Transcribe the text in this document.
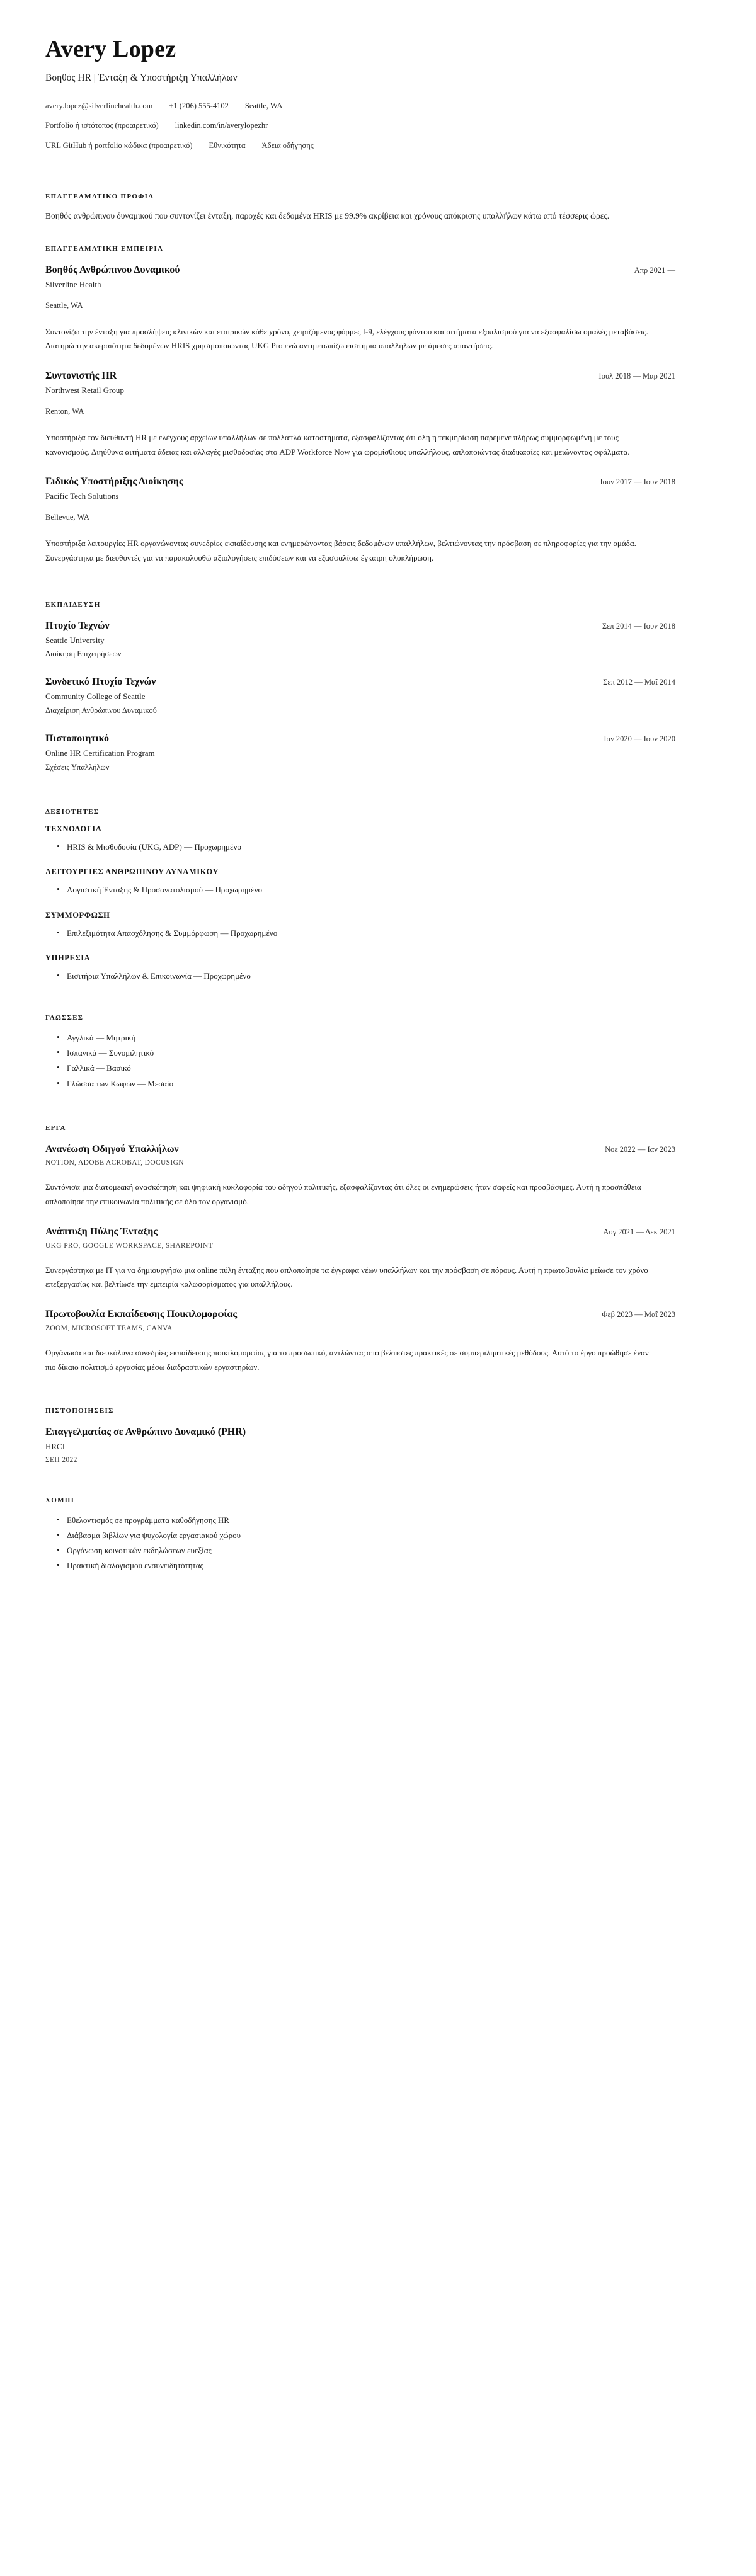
Avery Lopez
Βοηθός HR | Ένταξη & Υποστήριξη Υπαλλήλων
avery.lopez@silverlinehealth.com +1 (206) 555-4102 Seattle, WA
Portfolio ή ιστότοπος (προαιρετικό) linkedin.com/in/averylopezhr
URL GitHub ή portfolio κώδικα (προαιρετικό) Εθνικότητα Άδεια οδήγησης
ΕΠΑΓΓΕΛΜΑΤΙΚΟ ΠΡΟΦΙΛ

Βοηθός ανθρώπινου δυναμικού που συντονίζει ένταξη, παροχές και δεδομένα HRIS με 99.9% ακρίβεια και χρόνους απόκρισης υπαλλήλων κάτω από τέσσερις ώρες.

ΕΠΑΓΓΕΛΜΑΤΙΚΗ ΕΜΠΕΙΡΙΑ
Βοηθός Ανθρώπινου Δυναμικού	Απρ 2021 —
Silverline Health
Seattle, WA
Συντονίζω την ένταξη για προσλήψεις κλινικών και εταιρικών κάθε χρόνο, χειριζόμενος φόρμες I-9, ελέγχους φόντου και αιτήματα εξοπλισμού για να εξασφαλίσω ομαλές μεταβάσεις. Διατηρώ την ακεραιότητα δεδομένων HRIS χρησιμοποιώντας UKG Pro ενώ αντιμετωπίζω εισιτήρια υπαλλήλων με άμεσες απαντήσεις.
Συντονιστής HR	Ιουλ 2018 — Μαρ 2021
Northwest Retail Group
Renton, WA
Υποστήριξα τον διευθυντή HR με ελέγχους αρχείων υπαλλήλων σε πολλαπλά καταστήματα, εξασφαλίζοντας ότι όλη η τεκμηρίωση παρέμενε πλήρως συμμορφωμένη με τους κανονισμούς. Διηύθυνα αιτήματα άδειας και αλλαγές μισθοδοσίας στο ADP Workforce Now για ωρομίσθιους υπαλλήλους, απλοποιώντας διαδικασίες και μειώνοντας σφάλματα.
Ειδικός Υποστήριξης Διοίκησης	Ιουν 2017 — Ιουν 2018
Pacific Tech Solutions
Bellevue, WA
Υποστήριξα λειτουργίες HR οργανώνοντας συνεδρίες εκπαίδευσης και ενημερώνοντας βάσεις δεδομένων υπαλλήλων, βελτιώνοντας την πρόσβαση σε πληροφορίες για την ομάδα. Συνεργάστηκα με διευθυντές για να παρακολουθώ αξιολογήσεις επιδόσεων και να εξασφαλίσω έγκαιρη ολοκλήρωση.
ΕΚΠΑΙΔΕΥΣΗ
Πτυχίο Τεχνών	Σεπ 2014 — Ιουν 2018
Seattle University
Διοίκηση Επιχειρήσεων
Συνδετικό Πτυχίο Τεχνών	Σεπ 2012 — Μαΐ 2014
Community College of Seattle
Διαχείριση Ανθρώπινου Δυναμικού
Πιστοποιητικό	Ιαν 2020 — Ιουν 2020
Online HR Certification Program
Σχέσεις Υπαλλήλων
ΔΕΞΙΟΤΗΤΕΣ
ΤΕΧΝΟΛΟΓΙΑ
• HRIS & Μισθοδοσία (UKG, ADP) — Προχωρημένο
ΛΕΙΤΟΥΡΓΙΕΣ ΑΝΘΡΩΠΙΝΟΥ ΔΥΝΑΜΙΚΟΥ
• Λογιστική Ένταξης & Προσανατολισμού — Προχωρημένο
ΣΥΜΜΟΡΦΩΣΗ
• Επιλεξιμότητα Απασχόλησης & Συμμόρφωση — Προχωρημένο
ΥΠΗΡΕΣΙΑ
• Εισιτήρια Υπαλλήλων & Επικοινωνία — Προχωρημένο
ΓΛΩΣΣΕΣ
• Αγγλικά — Μητρική
• Ισπανικά — Συνομιλητικό
• Γαλλικά — Βασικό
• Γλώσσα των Κωφών — Μεσαίο
ΕΡΓΑ
Ανανέωση Οδηγού Υπαλλήλων	Νοε 2022 — Ιαν 2023
NOTION, ADOBE ACROBAT, DOCUSIGN
Συντόνισα μια διατομεακή ανασκόπηση και ψηφιακή κυκλοφορία του οδηγού πολιτικής, εξασφαλίζοντας ότι όλες οι ενημερώσεις ήταν σαφείς και προσβάσιμες. Αυτή η προσπάθεια απλοποίησε την επικοινωνία πολιτικής σε όλο τον οργανισμό.
Ανάπτυξη Πύλης Ένταξης	Αυγ 2021 — Δεκ 2021
UKG PRO, GOOGLE WORKSPACE, SHAREPOINT
Συνεργάστηκα με IT για να δημιουργήσω μια online πύλη ένταξης που απλοποίησε τα έγγραφα νέων υπαλλήλων και την πρόσβαση σε πόρους. Αυτή η πρωτοβουλία μείωσε τον χρόνο επεξεργασίας και βελτίωσε την εμπειρία καλωσορίσματος για υπαλλήλους.
Πρωτοβουλία Εκπαίδευσης Ποικιλομορφίας	Φεβ 2023 — Μαΐ 2023
ZOOM, MICROSOFT TEAMS, CANVA
Οργάνωσα και διευκόλυνα συνεδρίες εκπαίδευσης ποικιλομορφίας για το προσωπικό, αντλώντας από βέλτιστες πρακτικές σε συμπεριληπτικές μεθόδους. Αυτό το έργο προώθησε έναν πιο δίκαιο πολιτισμό εργασίας μέσω διαδραστικών εργαστηρίων.
ΠΙΣΤΟΠΟΙΗΣΕΙΣ
Επαγγελματίας σε Ανθρώπινο Δυναμικό (PHR)
HRCI
ΣΕΠ 2022
ΧΟΜΠΙ
• Εθελοντισμός σε προγράμματα καθοδήγησης HR
• Διάβασμα βιβλίων για ψυχολογία εργασιακού χώρου
• Οργάνωση κοινοτικών εκδηλώσεων ευεξίας
• Πρακτική διαλογισμού ενσυνειδητότητας
